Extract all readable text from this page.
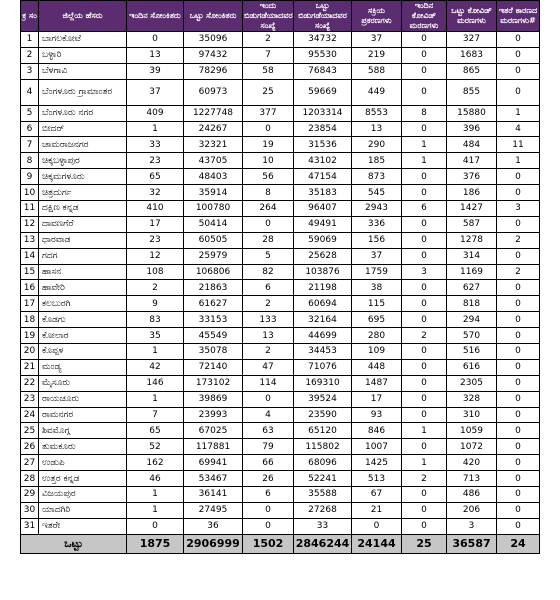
ಕ್ರ ಸಂ	ಜಿಲ್ಲೆಯ ಹೆಸರು	ಇಂದಿನ ಸೋಂಕಿತರು	ಒಟ್ಟು ಸೋಂಕಿತರು	ಇಂದು ಬಿಡುಗಡೆಯಾದವರ ಸಂಖ್ಯೆ	ಒಟ್ಟು ಬಿಡುಗಡೆಯಾದವರ ಸಂಖ್ಯೆ	ಸಕ್ರಿಯ ಪ್ರಕರಣಗಳು	ಇಂದಿನ ಕೋವಿಡ್ ಮರಣಗಳು	ಒಟ್ಟು ಕೋವಿಡ್ ಮರಣಗಳು	ಇತರೆ ಕಾರಣದ ಮರಣಗಳು#
1	ಬಾಗಲಕೋಟೆ	0	35096	2	34732	37	0	327	0
2	ಬಳ್ಳಾರಿ	13	97432	7	95530	219	0	1683	0
3	ಬೆಳಗಾವಿ	39	78296	58	76843	588	0	865	0
4	ಬೆಂಗಳೂರು ಗ್ರಾಮಾಂತರ	37	60973	25	59669	449	0	855	0
5	ಬೆಂಗಳೂರು ನಗರ	409	1227748	377	1203314	8553	8	15880	1
6	ಬೀದರ್	1	24267	0	23854	13	0	396	4
7	ಚಾಮರಾಜನಗರ	33	32321	19	31536	290	1	484	11
8	ಚಿಕ್ಕಬಳ್ಳಾಪುರ	23	43705	10	43102	185	1	417	1
9	ಚಿಕ್ಕಮಗಳೂರು	65	48403	56	47154	873	0	376	0
10	ಚಿತ್ರದುರ್ಗ	32	35914	8	35183	545	0	186	0
11	ದಕ್ಷಿಣ ಕನ್ನಡ	410	100780	264	96407	2943	6	1427	3
12	ದಾವಣಗೆರೆ	17	50414	0	49491	336	0	587	0
13	ಧಾರವಾಡ	23	60505	28	59069	156	0	1278	2
14	ಗದಗ	12	25979	5	25628	37	0	314	0
15	ಹಾಸನ	108	106806	82	103876	1759	3	1169	2
16	ಹಾವೇರಿ	2	21863	6	21198	38	0	627	0
17	ಕಲಬುರಗಿ	9	61627	2	60694	115	0	818	0
18	ಕೊಡಗು	83	33153	133	32164	695	0	294	0
19	ಕೋಲಾರ	35	45549	13	44699	280	2	570	0
20	ಕೊಪ್ಪಳ	1	35078	2	34453	109	0	516	0
21	ಮಂಡ್ಯ	42	72140	47	71076	448	0	616	0
22	ಮೈಸೂರು	146	173102	114	169310	1487	0	2305	0
23	ರಾಯಚೂರು	1	39869	0	39524	17	0	328	0
24	ರಾಮನಗರ	7	23993	4	23590	93	0	310	0
25	ಶಿವಮೊಗ್ಗ	65	67025	63	65120	846	1	1059	0
26	ತುಮಕೂರು	52	117881	79	115802	1007	0	1072	0
27	ಉಡುಪಿ	162	69941	66	68096	1425	1	420	0
28	ಉತ್ತರ ಕನ್ನಡ	46	53467	26	52241	513	2	713	0
29	ವಿಜಯಪುರ	1	36141	6	35588	67	0	486	0
30	ಯಾದಗಿರಿ	1	27495	0	27268	21	0	206	0
31	ಇತರೇ	0	36	0	33	0	0	3	0
ಒಟ್ಟು		1875	2906999	1502	2846244	24144	25	36587	24
